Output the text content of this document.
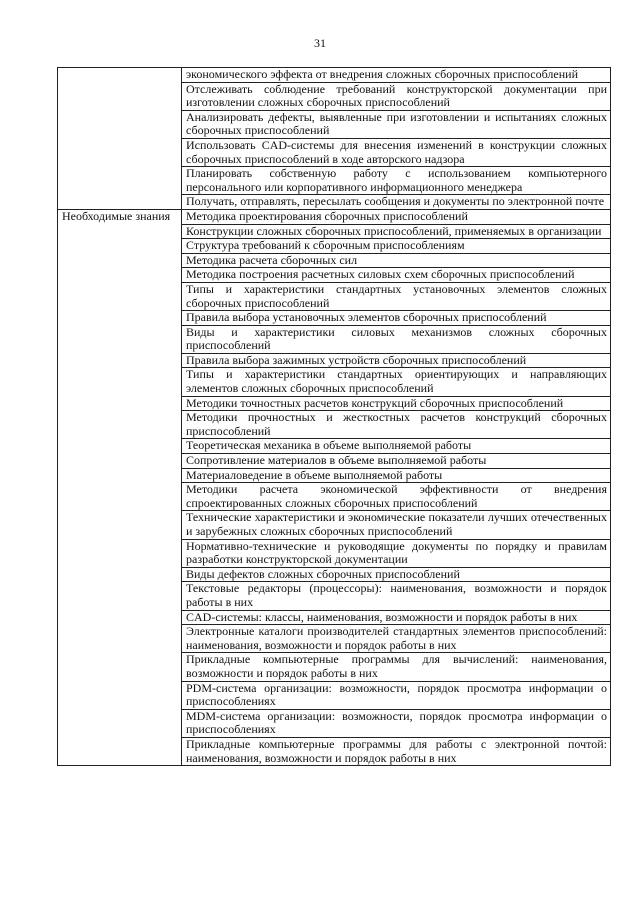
31
	экономического эффекта от внедрения сложных сборочных приспособлений
	Отслеживать соблюдение требований конструкторской документации при изготовлении сложных сборочных приспособлений
	Анализировать дефекты, выявленные при изготовлении и испытаниях сложных сборочных приспособлений
	Использовать CAD-системы для внесения изменений в конструкции сложных сборочных приспособлений в ходе авторского надзора
	Планировать собственную работу с использованием компьютерного персонального или корпоративного информационного менеджера
	Получать, отправлять, пересылать сообщения и документы по электронной почте
Необходимые знания	Методика проектирования сборочных приспособлений
	Конструкции сложных сборочных приспособлений, применяемых в организации
	Структура требований к сборочным приспособлениям
	Методика расчета сборочных сил
	Методика построения расчетных силовых схем сборочных приспособлений
	Типы и характеристики стандартных установочных элементов сложных сборочных приспособлений
	Правила выбора установочных элементов сборочных приспособлений
	Виды и характеристики силовых механизмов сложных сборочных приспособлений
	Правила выбора зажимных устройств сборочных приспособлений
	Типы и характеристики стандартных ориентирующих и направляющих элементов сложных сборочных приспособлений
	Методики точностных расчетов конструкций сборочных приспособлений
	Методики прочностных и жесткостных расчетов конструкций сборочных приспособлений
	Теоретическая механика в объеме выполняемой работы
	Сопротивление материалов в объеме выполняемой работы
	Материаловедение в объеме выполняемой работы
	Методики расчета экономической эффективности от внедрения спроектированных сложных сборочных приспособлений
	Технические характеристики и экономические показатели лучших отечественных и зарубежных сложных сборочных приспособлений
	Нормативно-технические и руководящие документы по порядку и правилам разработки конструкторской документации
	Виды дефектов сложных сборочных приспособлений
	Текстовые редакторы (процессоры): наименования, возможности и порядок работы в них
	CAD-системы: классы, наименования, возможности и порядок работы в них
	Электронные каталоги производителей стандартных элементов приспособлений: наименования, возможности и порядок работы в них
	Прикладные компьютерные программы для вычислений: наименования, возможности и порядок работы в них
	PDM-система организации: возможности, порядок просмотра информации о приспособлениях
	MDM-система организации: возможности, порядок просмотра информации о приспособлениях
	Прикладные компьютерные программы для работы с электронной почтой: наименования, возможности и порядок работы в них
